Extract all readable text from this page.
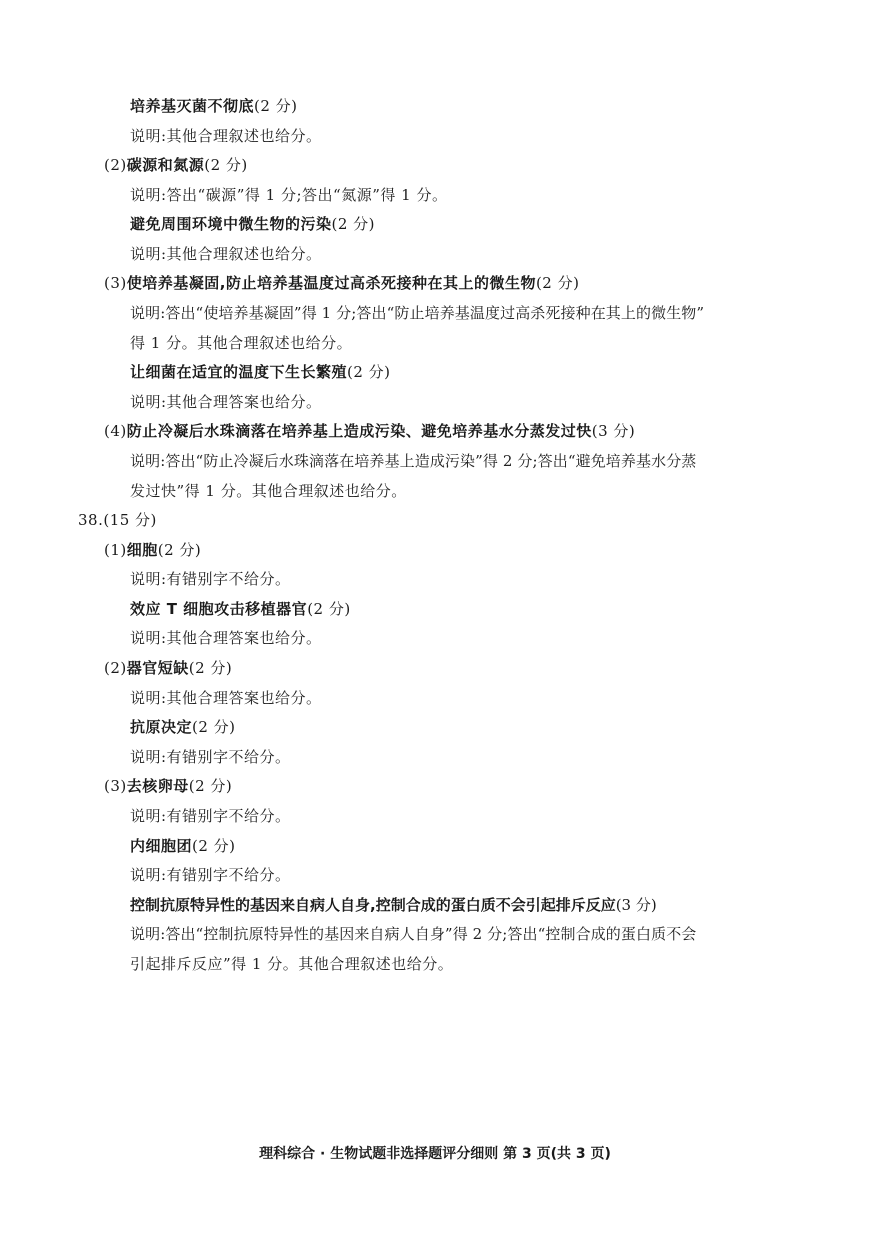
培养基灭菌不彻底(2 分)
说明:其他合理叙述也给分。
(2)碳源和氮源(2 分)
说明:答出“碳源”得 1 分;答出“氮源”得 1 分。
避免周围环境中微生物的污染(2 分)
说明:其他合理叙述也给分。
(3)使培养基凝固,防止培养基温度过高杀死接种在其上的微生物(2 分)
说明:答出“使培养基凝固”得 1 分;答出“防止培养基温度过高杀死接种在其上的微生物”
得 1 分。其他合理叙述也给分。
让细菌在适宜的温度下生长繁殖(2 分)
说明:其他合理答案也给分。
(4)防止冷凝后水珠滴落在培养基上造成污染、避免培养基水分蒸发过快(3 分)
说明:答出“防止冷凝后水珠滴落在培养基上造成污染”得 2 分;答出“避免培养基水分蒸
发过快”得 1 分。其他合理叙述也给分。
38.(15 分)
(1)细胞(2 分)
说明:有错别字不给分。
效应 T 细胞攻击移植器官(2 分)
说明:其他合理答案也给分。
(2)器官短缺(2 分)
说明:其他合理答案也给分。
抗原决定(2 分)
说明:有错别字不给分。
(3)去核卵母(2 分)
说明:有错别字不给分。
内细胞团(2 分)
说明:有错别字不给分。
控制抗原特异性的基因来自病人自身,控制合成的蛋白质不会引起排斥反应(3 分)
说明:答出“控制抗原特异性的基因来自病人自身”得 2 分;答出“控制合成的蛋白质不会
引起排斥反应”得 1 分。其他合理叙述也给分。
理科综合 · 生物试题非选择题评分细则 第 3 页(共 3 页)
